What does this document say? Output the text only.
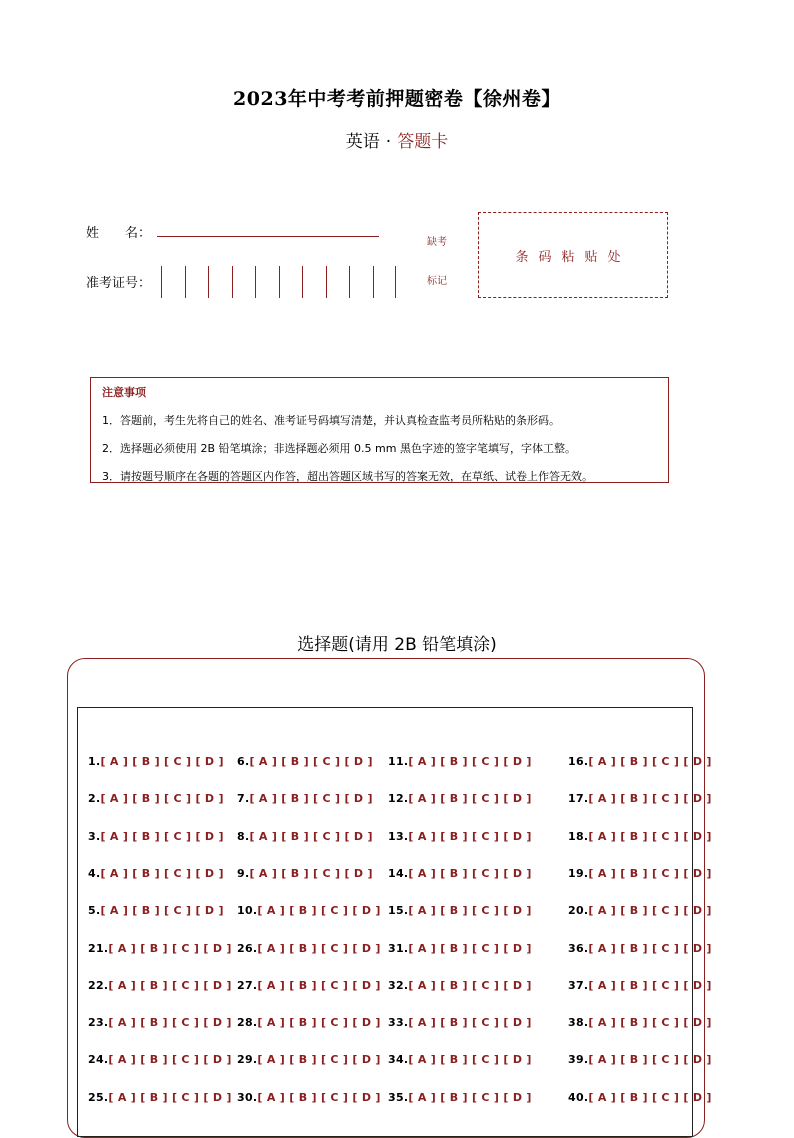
2023年中考考前押题密卷【徐州卷】
英语 · 答题卡
姓　　名：
准考证号：
缺考
标记
条码粘贴处
注意事项
1．答题前，考生先将自己的姓名、准考证号码填写清楚，并认真检查监考员所粘贴的条形码。
2．选择题必须使用 2B 铅笔填涂；非选择题必须用 0.5 mm 黑色字迹的签字笔填写，字体工整。
3．请按题号顺序在各题的答题区内作答，超出答题区域书写的答案无效，在草纸、试卷上作答无效。
选择题(请用 2B 铅笔填涂)
1.[ A ] [ B ] [ C ] [ D ]
2.[ A ] [ B ] [ C ] [ D ]
3.[ A ] [ B ] [ C ] [ D ]
4.[ A ] [ B ] [ C ] [ D ]
5.[ A ] [ B ] [ C ] [ D ]
21.[ A ] [ B ] [ C ] [ D ]
22.[ A ] [ B ] [ C ] [ D ]
23.[ A ] [ B ] [ C ] [ D ]
24.[ A ] [ B ] [ C ] [ D ]
25.[ A ] [ B ] [ C ] [ D ]
6.[ A ] [ B ] [ C ] [ D ]
7.[ A ] [ B ] [ C ] [ D ]
8.[ A ] [ B ] [ C ] [ D ]
9.[ A ] [ B ] [ C ] [ D ]
10.[ A ] [ B ] [ C ] [ D ]
26.[ A ] [ B ] [ C ] [ D ]
27.[ A ] [ B ] [ C ] [ D ]
28.[ A ] [ B ] [ C ] [ D ]
29.[ A ] [ B ] [ C ] [ D ]
30.[ A ] [ B ] [ C ] [ D ]
11.[ A ] [ B ] [ C ] [ D ]
12.[ A ] [ B ] [ C ] [ D ]
13.[ A ] [ B ] [ C ] [ D ]
14.[ A ] [ B ] [ C ] [ D ]
15.[ A ] [ B ] [ C ] [ D ]
31.[ A ] [ B ] [ C ] [ D ]
32.[ A ] [ B ] [ C ] [ D ]
33.[ A ] [ B ] [ C ] [ D ]
34.[ A ] [ B ] [ C ] [ D ]
35.[ A ] [ B ] [ C ] [ D ]
16.[ A ] [ B ] [ C ] [ D ]
17.[ A ] [ B ] [ C ] [ D ]
18.[ A ] [ B ] [ C ] [ D ]
19.[ A ] [ B ] [ C ] [ D ]
20.[ A ] [ B ] [ C ] [ D ]
36.[ A ] [ B ] [ C ] [ D ]
37.[ A ] [ B ] [ C ] [ D ]
38.[ A ] [ B ] [ C ] [ D ]
39.[ A ] [ B ] [ C ] [ D ]
40.[ A ] [ B ] [ C ] [ D ]
